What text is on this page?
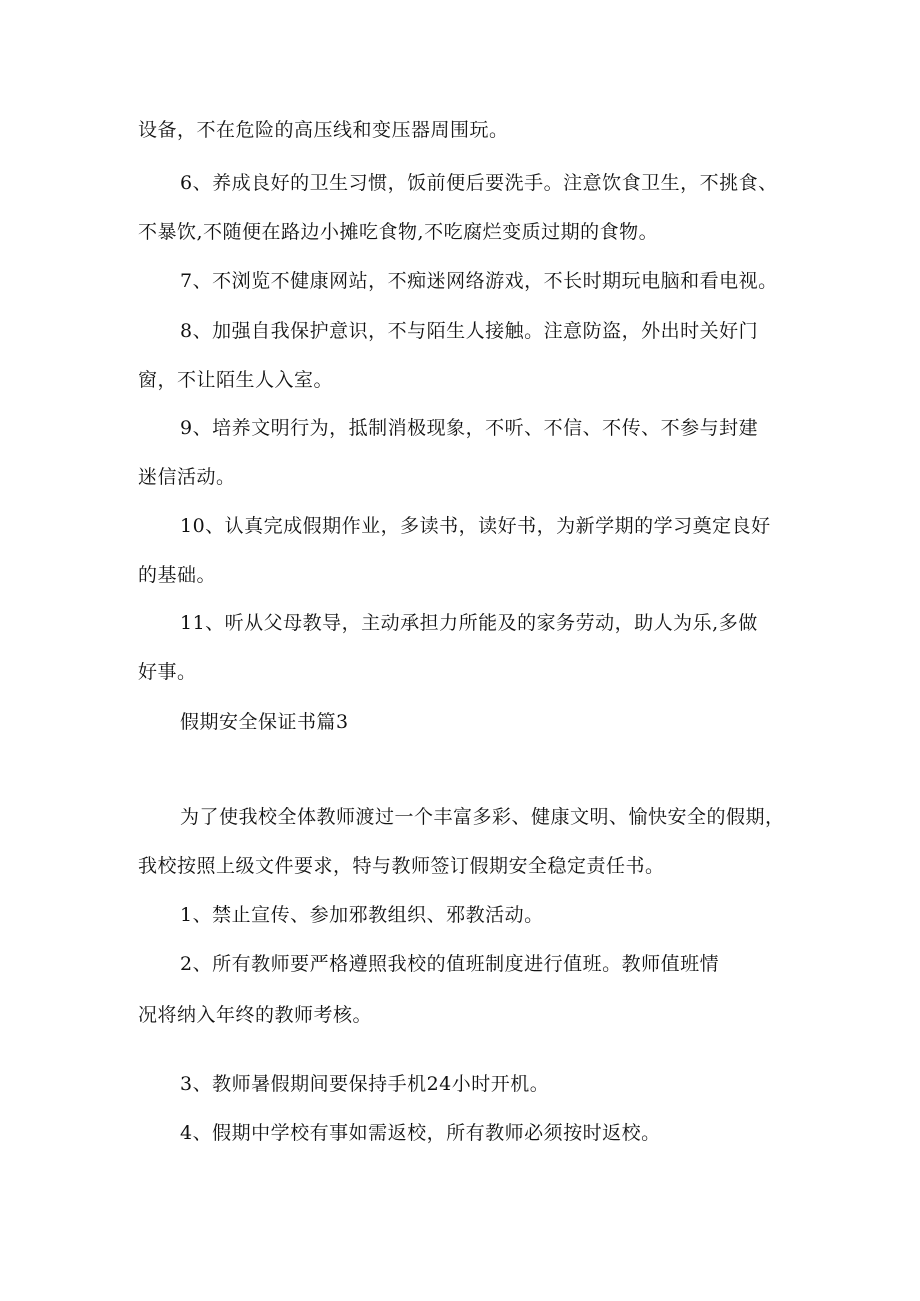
设备，不在危险的高压线和变压器周围玩。
6、养成良好的卫生习惯，饭前便后要洗手。注意饮食卫生，不挑食、
不暴饮,不随便在路边小摊吃食物,不吃腐烂变质过期的食物。
7、不浏览不健康网站，不痴迷网络游戏，不长时期玩电脑和看电视。
8、加强自我保护意识，不与陌生人接触。注意防盗，外出时关好门
窗，不让陌生人入室。
9、培养文明行为，抵制消极现象，不听、不信、不传、不参与封建
迷信活动。
10、认真完成假期作业，多读书，读好书，为新学期的学习奠定良好
的基础。
11、听从父母教导，主动承担力所能及的家务劳动，助人为乐,多做
好事。
假期安全保证书篇3
为了使我校全体教师渡过一个丰富多彩、健康文明、愉快安全的假期，
我校按照上级文件要求，特与教师签订假期安全稳定责任书。
1、禁止宣传、参加邪教组织、邪教活动。
2、所有教师要严格遵照我校的值班制度进行值班。教师值班情
况将纳入年终的教师考核。
3、教师暑假期间要保持手机24小时开机。
4、假期中学校有事如需返校，所有教师必须按时返校。
